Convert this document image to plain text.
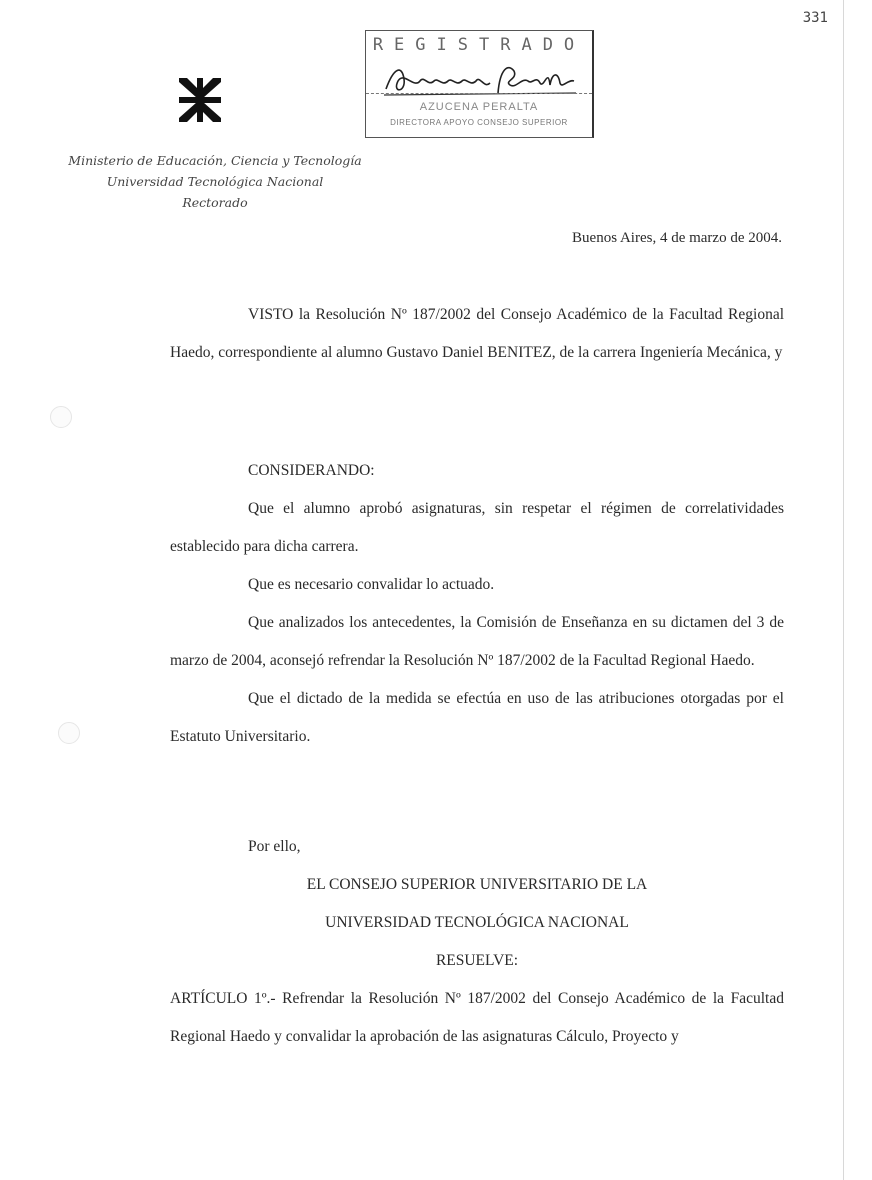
331
REGISTRADO
AZUCENA PERALTA
DIRECTORA APOYO CONSEJO SUPERIOR
Ministerio de Educación, Ciencia y Tecnología
Universidad Tecnológica Nacional
Rectorado
Buenos Aires, 4 de marzo de 2004.

VISTO la Resolución Nº 187/2002 del Consejo Académico de la Facultad Regional Haedo, correspondiente al alumno Gustavo Daniel BENITEZ, de la carrera Ingeniería Mecánica, y

CONSIDERANDO:

Que el alumno aprobó asignaturas, sin respetar el régimen de correlatividades establecido para dicha carrera.

Que es necesario convalidar lo actuado.

Que analizados los antecedentes, la Comisión de Enseñanza en su dictamen del 3 de marzo de 2004, aconsejó refrendar la Resolución Nº 187/2002 de la Facultad Regional Haedo.

Que el dictado de la medida se efectúa en uso de las atribuciones otorgadas por el Estatuto Universitario.

Por ello,

EL CONSEJO SUPERIOR UNIVERSITARIO DE LA
UNIVERSIDAD TECNOLÓGICA NACIONAL
RESUELVE:

ARTÍCULO 1º.- Refrendar la Resolución Nº 187/2002 del Consejo Académico de la Facultad Regional Haedo y convalidar la aprobación de las asignaturas Cálculo, Proyecto y
